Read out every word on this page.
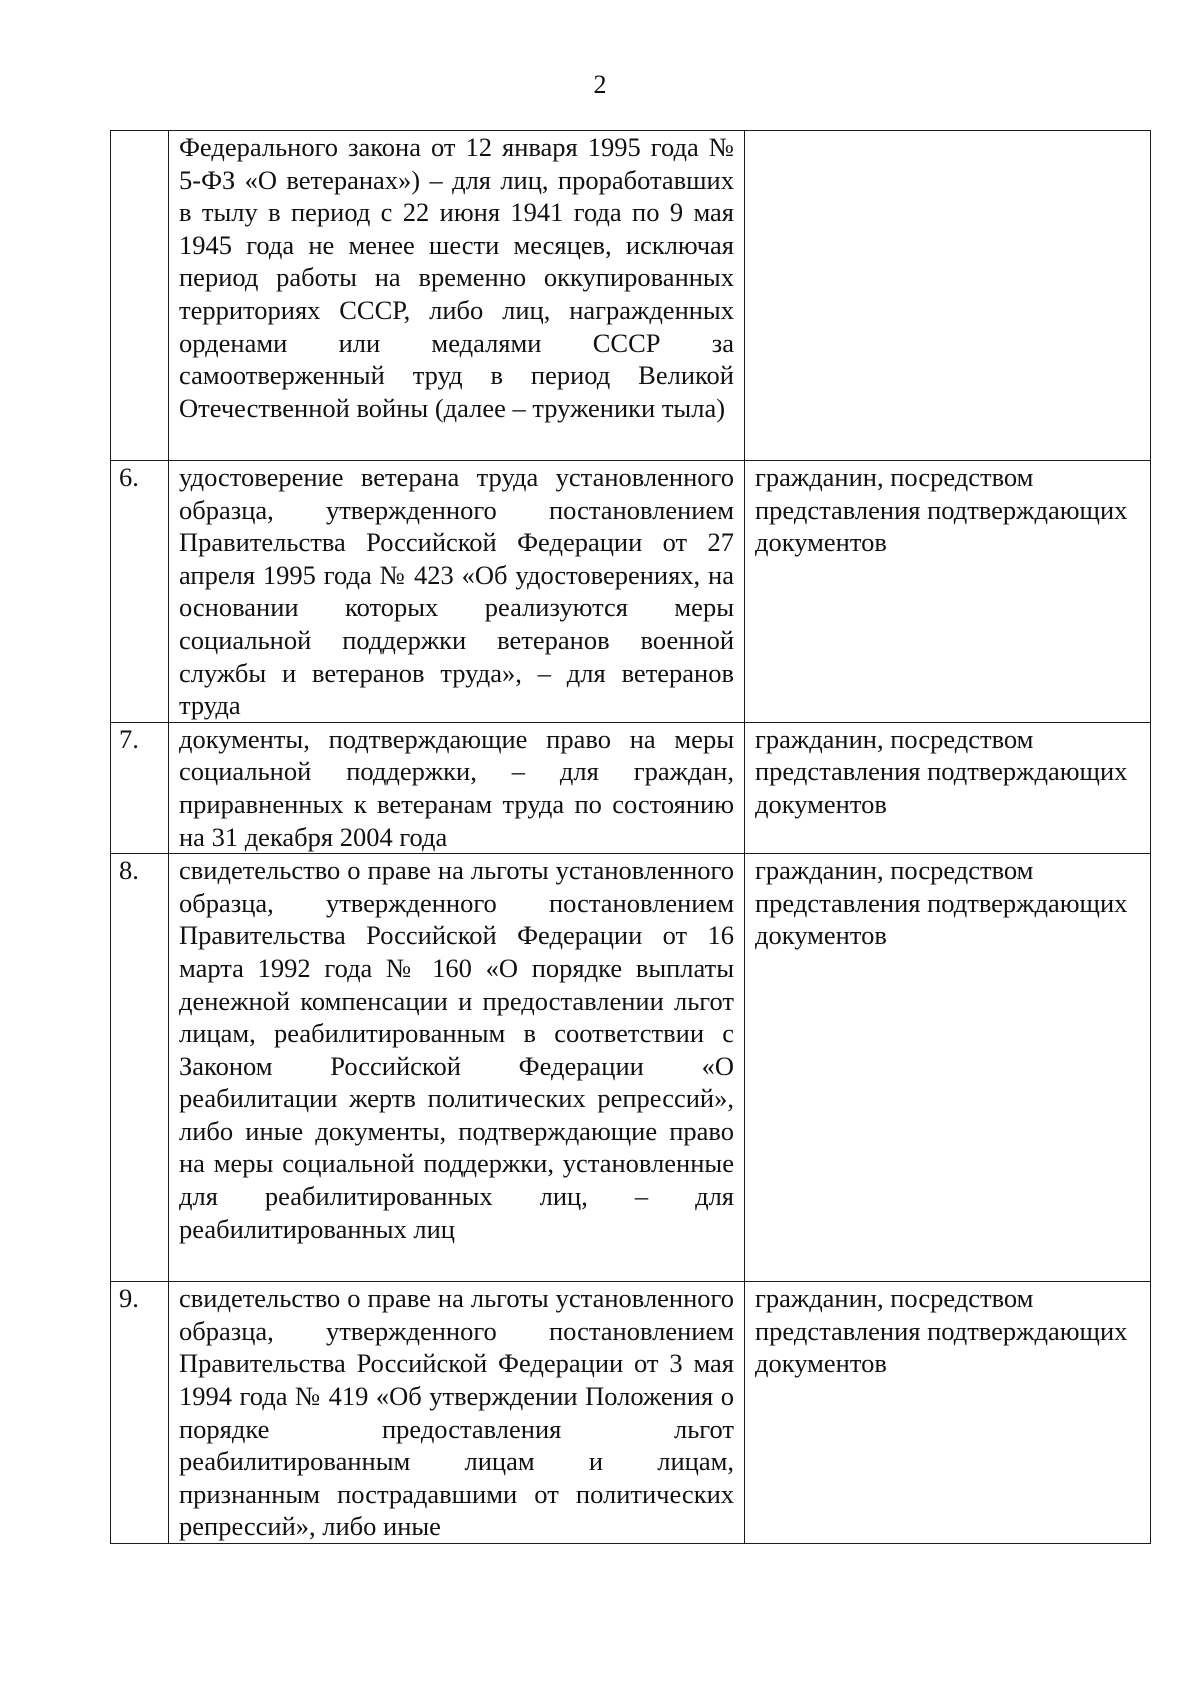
2
	Федерального закона от 12 января 1995 года № 5-ФЗ «О ветеранах») – для лиц, проработавших в тылу в период с 22 июня 1941 года по 9 мая 1945 года не менее шести месяцев, исключая период работы на временно оккупированных территориях СССР, либо лиц, награжденных орденами или медалями СССР за самоотверженный труд в период Великой Отечественной войны (далее – труженики тыла)	
6.	удостоверение ветерана труда установленного образца, утвержденного постановлением Правительства Российской Федерации от 27 апреля 1995 года № 423 «Об удостоверениях, на основании которых реализуются меры социальной поддержки ветеранов военной службы и ветеранов труда», – для ветеранов труда	гражданин, посредством представления подтверждающих документов
7.	документы, подтверждающие право на меры социальной поддержки, – для граждан, приравненных к ветеранам труда по состоянию на 31 декабря 2004 года	гражданин, посредством представления подтверждающих документов
8.	свидетельство о праве на льготы установленного образца, утвержденного постановлением Правительства Российской Федерации от 16 марта 1992 года № 160 «О порядке выплаты денежной компенсации и предоставлении льгот лицам, реабилитированным в соответствии с Законом Российской Федерации «О реабилитации жертв политических репрессий», либо иные документы, подтверждающие право на меры социальной поддержки, установленные для реабилитированных лиц, – для реабилитированных лиц	гражданин, посредством представления подтверждающих документов
9.	свидетельство о праве на льготы установленного образца, утвержденного постановлением Правительства Российской Федерации от 3 мая 1994 года № 419 «Об утверждении Положения о порядке предоставления льгот реабилитированным лицам и лицам, признанным пострадавшими от политических репрессий», либо иные	гражданин, посредством представления подтверждающих документов
